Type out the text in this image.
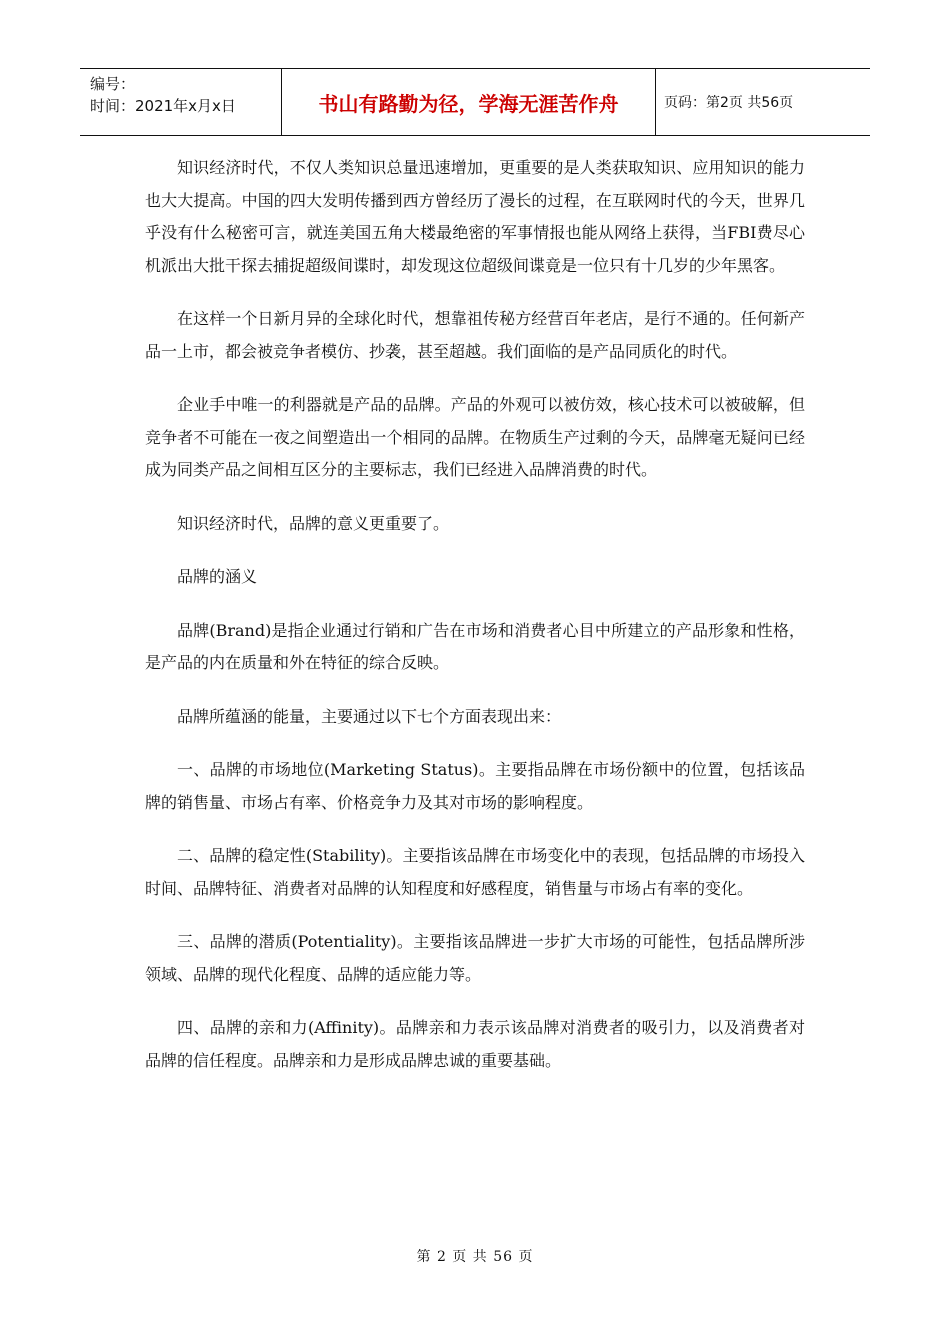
编号：
时间：2021年x月x日	书山有路勤为径，学海无涯苦作舟	页码：第2页 共56页

知识经济时代，不仅人类知识总量迅速增加，更重要的是人类获取知识、应用知识的能力也大大提高。中国的四大发明传播到西方曾经历了漫长的过程，在互联网时代的今天，世界几乎没有什么秘密可言，就连美国五角大楼最绝密的军事情报也能从网络上获得，当FBI费尽心机派出大批干探去捕捉超级间谍时，却发现这位超级间谍竟是一位只有十几岁的少年黑客。

在这样一个日新月异的全球化时代，想靠祖传秘方经营百年老店，是行不通的。任何新产品一上市，都会被竞争者模仿、抄袭，甚至超越。我们面临的是产品同质化的时代。

企业手中唯一的利器就是产品的品牌。产品的外观可以被仿效，核心技术可以被破解，但竞争者不可能在一夜之间塑造出一个相同的品牌。在物质生产过剩的今天，品牌毫无疑问已经成为同类产品之间相互区分的主要标志，我们已经进入品牌消费的时代。

知识经济时代，品牌的意义更重要了。

品牌的涵义

品牌(Brand)是指企业通过行销和广告在市场和消费者心目中所建立的产品形象和性格，是产品的内在质量和外在特征的综合反映。

品牌所蕴涵的能量，主要通过以下七个方面表现出来：

一、品牌的市场地位(Marketing Status)。主要指品牌在市场份额中的位置，包括该品牌的销售量、市场占有率、价格竞争力及其对市场的影响程度。

二、品牌的稳定性(Stability)。主要指该品牌在市场变化中的表现，包括品牌的市场投入时间、品牌特征、消费者对品牌的认知程度和好感程度，销售量与市场占有率的变化。

三、品牌的潜质(Potentiality)。主要指该品牌进一步扩大市场的可能性，包括品牌所涉领域、品牌的现代化程度、品牌的适应能力等。

四、品牌的亲和力(Affinity)。品牌亲和力表示该品牌对消费者的吸引力，以及消费者对品牌的信任程度。品牌亲和力是形成品牌忠诚的重要基础。

第 2 页 共 56 页
